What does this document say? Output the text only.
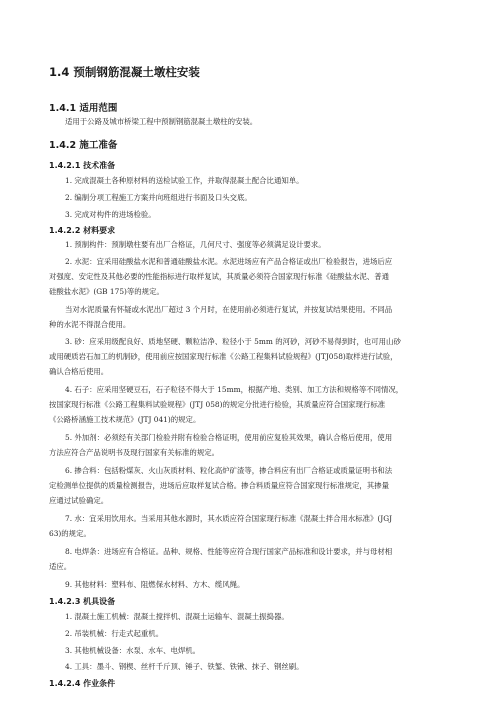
1.4 预制钢筋混凝土墩柱安装
1.4.1 适用范围
适用于公路及城市桥梁工程中预制钢筋混凝土墩柱的安装。
1.4.2 施工准备
1.4.2.1 技术准备
1. 完成混凝土各种原材料的送检试验工作，并取得混凝土配合比通知单。
2. 编制分项工程施工方案并向班组进行书面及口头交底。
3. 完成对构件的进场检验。
1.4.2.2 材料要求
1. 预制构件：预制墩柱要有出厂合格证，几何尺寸、强度等必须满足设计要求。
2. 水泥：宜采用硅酸盐水泥和普通硅酸盐水泥。水泥进场应有产品合格证或出厂检验报告，进场后应
对强度、安定性及其他必要的性能指标进行取样复试，其质量必须符合国家现行标准《硅酸盐水泥、普通
硅酸盐水泥》(GB 175)等的规定。
当对水泥质量有怀疑或水泥出厂超过 3 个月时，在使用前必须进行复试，并按复试结果使用。不同品
种的水泥不得混合使用。
3. 砂：应采用级配良好、质地坚硬、颗粒洁净、粒径小于 5mm 的河砂，河砂不易得到时，也可用山砂
或用硬质岩石加工的机制砂，使用前应按国家现行标准《公路工程集料试验规程》(JTJ058)取样进行试验，
确认合格后使用。
4. 石子：应采用坚硬豆石，石子粒径不得大于 15mm，根据产地、类别、加工方法和规格等不同情况，
按国家现行标准《公路工程集料试验规程》(JTJ 058)的规定分批进行检验，其质量应符合国家现行标准
《公路桥涵施工技术规范》(JTJ 041)的规定。
5. 外加剂：必须经有关部门检验并附有检验合格证明，使用前应复验其效果，确认合格后使用，使用
方法应符合产品说明书及现行国家有关标准的规定。
6. 掺合料：包括粉煤灰、火山灰质材料、粒化高炉矿渣等，掺合料应有出厂合格证或质量证明书和法
定检测单位提供的质量检测报告，进场后应取样复试合格。掺合料质量应符合国家现行标准规定，其掺量
应通过试验确定。
7. 水：宜采用饮用水。当采用其他水源时，其水质应符合国家现行标准《混凝土拌合用水标准》(JGJ
63)的规定。
8. 电焊条：进场应有合格证。品种、规格、性能等应符合现行国家产品标准和设计要求，并与母材相
适应。
9. 其他材料：塑料布、阻燃保水材料、方木、缆风绳。
1.4.2.3 机具设备
1. 混凝土施工机械：混凝土搅拌机、混凝土运输车、混凝土振捣器。
2. 吊装机械：行走式起重机。
3. 其他机械设备：水泵、水车、电焊机。
4. 工具：墨斗、钢楔、丝杆千斤顶、锤子、铁錾、铁锹、抹子、钢丝刷。
1.4.2.4 作业条件
